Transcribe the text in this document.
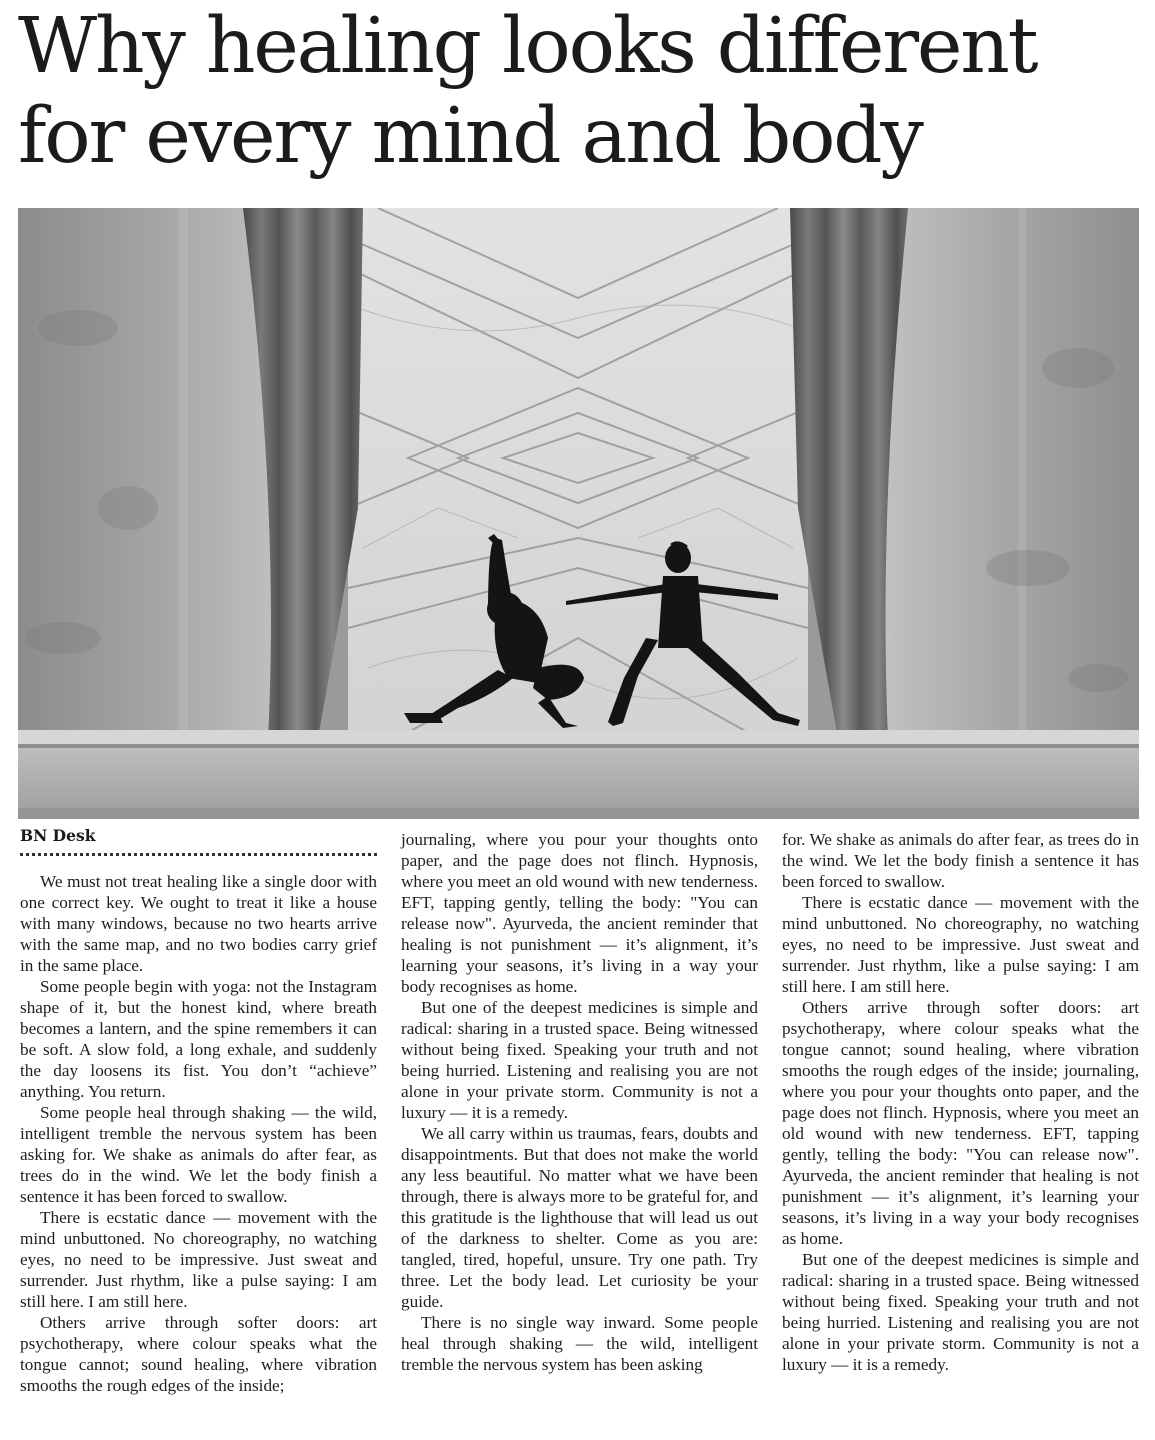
Why healing looks different
for every mind and body
BN Desk

We must not treat healing like a single door with one correct key. We ought to treat it like a house with many windows, because no two hearts arrive with the same map, and no two bodies carry grief in the same place.

Some people begin with yoga: not the Instagram shape of it, but the honest kind, where breath becomes a lantern, and the spine remembers it can be soft. A slow fold, a long exhale, and suddenly the day loosens its fist. You don’t “achieve” anything. You return.

Some people heal through shaking — the wild, intelligent tremble the nervous system has been asking for. We shake as animals do after fear, as trees do in the wind. We let the body finish a sentence it has been forced to swallow.

There is ecstatic dance — movement with the mind unbuttoned. No choreography, no watching eyes, no need to be impressive. Just sweat and surrender. Just rhythm, like a pulse saying: I am still here. I am still here.

Others arrive through softer doors: art psychotherapy, where colour speaks what the tongue cannot; sound healing, where vibration smooths the rough edges of the inside;

journaling, where you pour your thoughts onto paper, and the page does not flinch. Hypnosis, where you meet an old wound with new tenderness. EFT, tapping gently, telling the body: "You can release now". Ayurveda, the ancient reminder that healing is not punishment — it’s alignment, it’s learning your seasons, it’s living in a way your body recognises as home.

But one of the deepest medicines is simple and radical: sharing in a trusted space. Being witnessed without being fixed. Speaking your truth and not being hurried. Listening and realising you are not alone in your private storm. Community is not a luxury — it is a remedy.

We all carry within us traumas, fears, doubts and disappointments. But that does not make the world any less beautiful. No matter what we have been through, there is always more to be grateful for, and this gratitude is the lighthouse that will lead us out of the darkness to shelter. Come as you are: tangled, tired, hopeful, unsure. Try one path. Try three. Let the body lead. Let curiosity be your guide.

There is no single way inward. Some people heal through shaking — the wild, intelligent tremble the nervous system has been asking

for. We shake as animals do after fear, as trees do in the wind. We let the body finish a sentence it has been forced to swallow.

There is ecstatic dance — movement with the mind unbuttoned. No choreography, no watching eyes, no need to be impressive. Just sweat and surrender. Just rhythm, like a pulse saying: I am still here. I am still here.

Others arrive through softer doors: art psychotherapy, where colour speaks what the tongue cannot; sound healing, where vibration smooths the rough edges of the inside; journaling, where you pour your thoughts onto paper, and the page does not flinch. Hypnosis, where you meet an old wound with new tenderness. EFT, tapping gently, telling the body: "You can release now". Ayurveda, the ancient reminder that healing is not punishment — it’s alignment, it’s learning your seasons, it’s living in a way your body recognises as home.

But one of the deepest medicines is simple and radical: sharing in a trusted space. Being witnessed without being fixed. Speaking your truth and not being hurried. Listening and realising you are not alone in your private storm. Community is not a luxury — it is a remedy.
